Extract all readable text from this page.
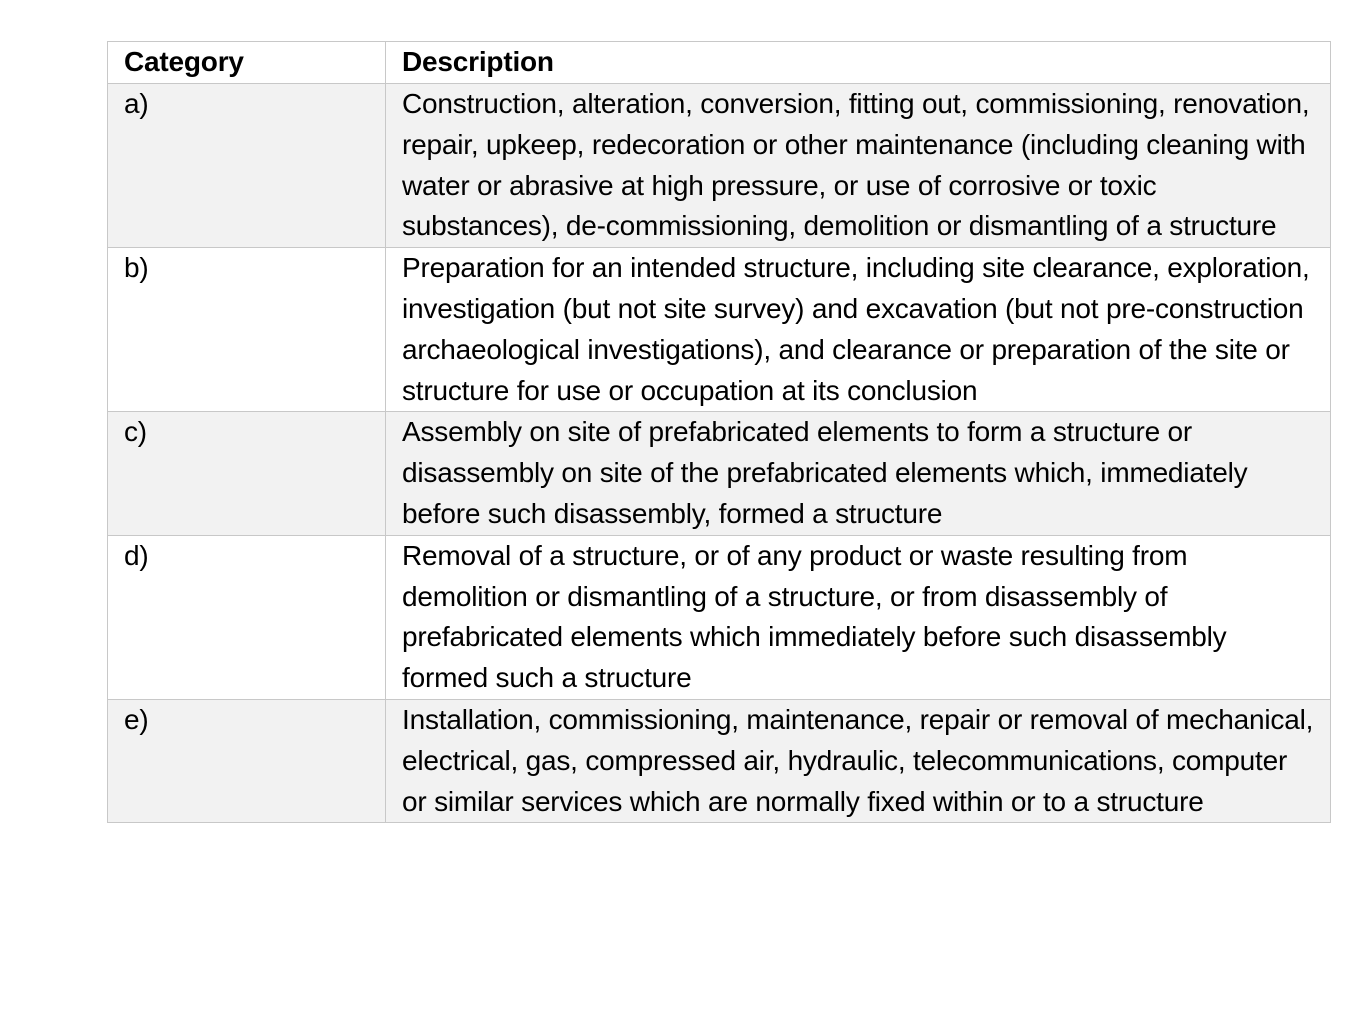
Category	Description
a)	Construction, alteration, conversion, fitting out, commissioning, renovation, repair, upkeep, redecoration or other maintenance (including cleaning with water or abrasive at high pressure, or use of corrosive or toxic substances), de-commissioning, demolition or dismantling of a structure
b)	Preparation for an intended structure, including site clearance, exploration, investigation (but not site survey) and excavation (but not pre-construction archaeological investigations), and clearance or preparation of the site or structure for use or occupation at its conclusion
c)	Assembly on site of prefabricated elements to form a structure or disassembly on site of the prefabricated elements which, immediately before such disassembly, formed a structure
d)	Removal of a structure, or of any product or waste resulting from demolition or dismantling of a structure, or from disassembly of prefabricated elements which immediately before such disassembly formed such a structure
e)	Installation, commissioning, maintenance, repair or removal of mechanical, electrical, gas, compressed air, hydraulic, telecommunications, computer or similar services which are normally fixed within or to a structure
